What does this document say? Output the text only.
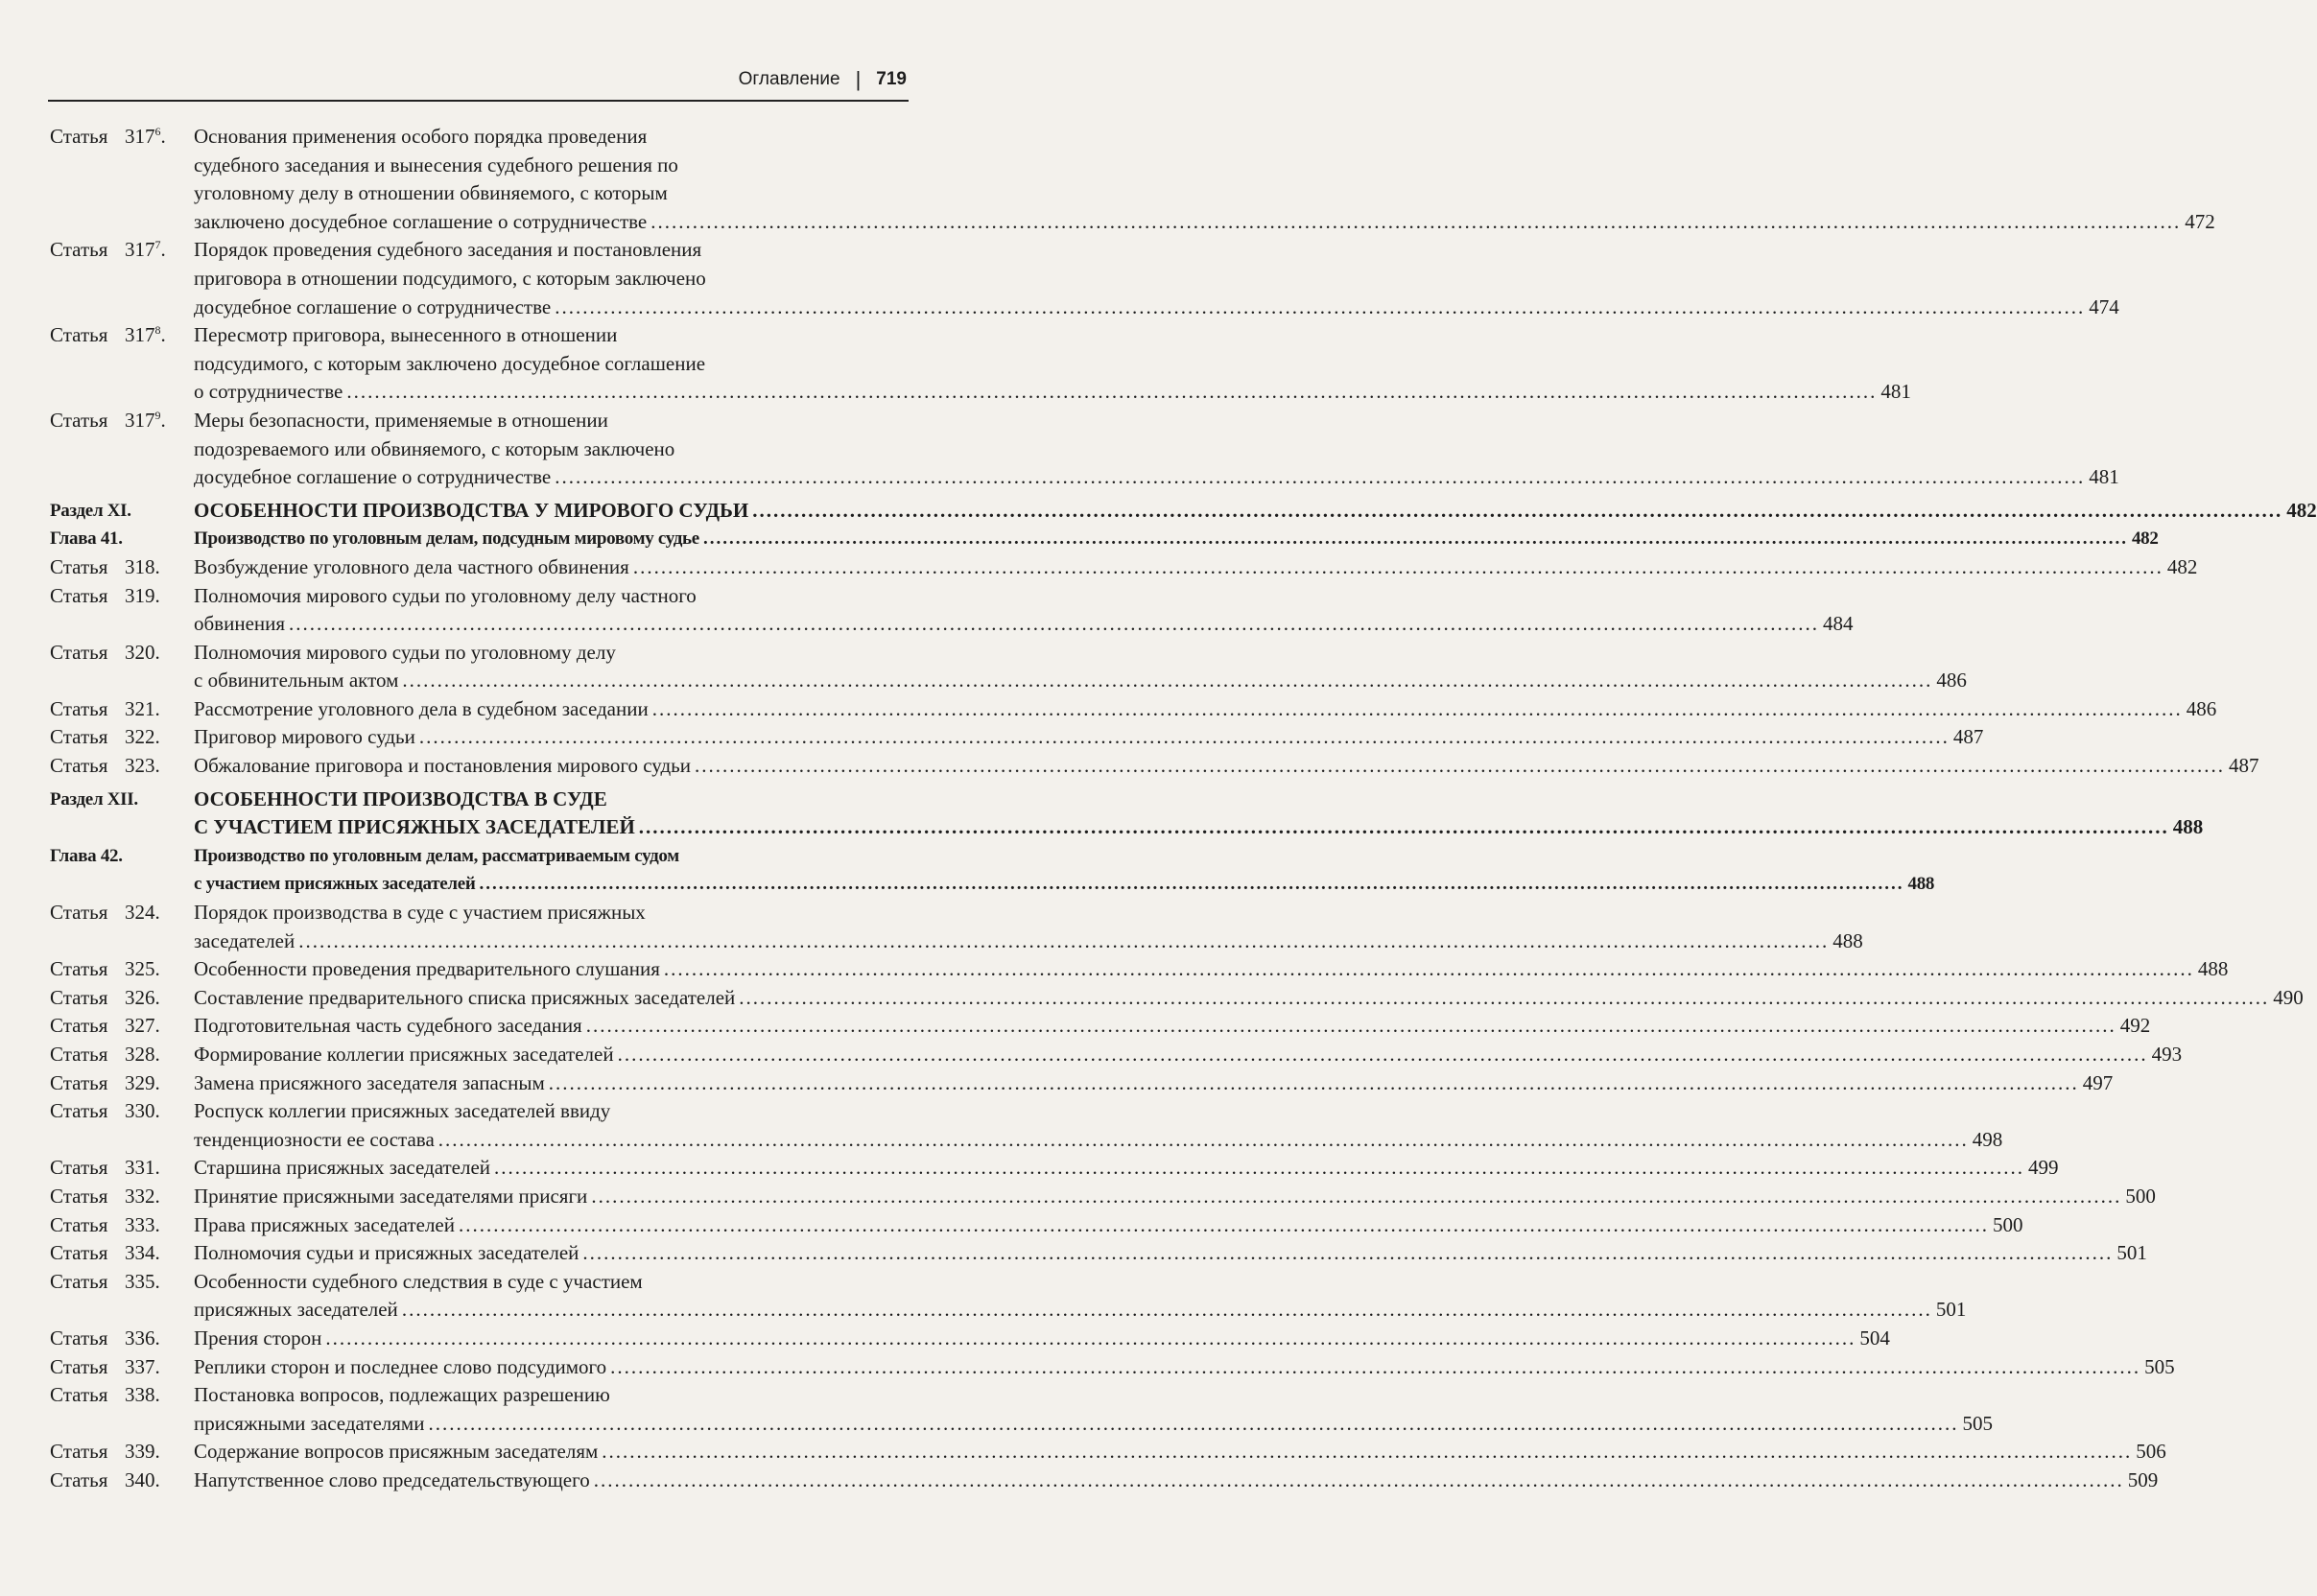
Оглавление | 719
Статья $317^6$.	Основания применения особого порядка проведения
судебного заседания и вынесения судебного решения по
уголовному делу в отношении обвиняемого, с которым
заключено досудебное соглашение о сотрудничестве ............................................................................................................................................................................................................................ 472
Статья $317^7$.	Порядок проведения судебного заседания и постановления
приговора в отношении подсудимого, с которым заключено
досудебное соглашение о сотрудничестве ............................................................................................................................................................................................................................ 474
Статья $317^8$.	Пересмотр приговора, вынесенного в отношении
подсудимого, с которым заключено досудебное соглашение
о сотрудничестве ............................................................................................................................................................................................................................ 481
Статья $317^9$.	Меры безопасности, применяемые в отношении
подозреваемого или обвиняемого, с которым заключено
досудебное соглашение о сотрудничестве ............................................................................................................................................................................................................................ 481
Раздел XI.	ОСОБЕННОСТИ ПРОИЗВОДСТВА У МИРОВОГО СУДЬИ ............................................................................................................................................................................................................................ 482
Глава 41.	Производство по уголовным делам, подсудным мировому судье ............................................................................................................................................................................................................................ 482
Статья 318.	Возбуждение уголовного дела частного обвинения ............................................................................................................................................................................................................................ 482
Статья 319.	Полномочия мирового судьи по уголовному делу частного
обвинения ............................................................................................................................................................................................................................ 484
Статья 320.	Полномочия мирового судьи по уголовному делу
с обвинительным актом ............................................................................................................................................................................................................................ 486
Статья 321.	Рассмотрение уголовного дела в судебном заседании ............................................................................................................................................................................................................................ 486
Статья 322.	Приговор мирового судьи ............................................................................................................................................................................................................................ 487
Статья 323.	Обжалование приговора и постановления мирового судьи ............................................................................................................................................................................................................................ 487
Раздел XII.	ОСОБЕННОСТИ ПРОИЗВОДСТВА В СУДЕ
С УЧАСТИЕМ ПРИСЯЖНЫХ ЗАСЕДАТЕЛЕЙ ............................................................................................................................................................................................................................ 488
Глава 42.	Производство по уголовным делам, рассматриваемым судом
с участием присяжных заседателей ............................................................................................................................................................................................................................ 488
Статья 324.	Порядок производства в суде с участием присяжных
заседателей ............................................................................................................................................................................................................................ 488
Статья 325.	Особенности проведения предварительного слушания ............................................................................................................................................................................................................................ 488
Статья 326.	Составление предварительного списка присяжных заседателей ............................................................................................................................................................................................................................ 490
Статья 327.	Подготовительная часть судебного заседания ............................................................................................................................................................................................................................ 492
Статья 328.	Формирование коллегии присяжных заседателей ............................................................................................................................................................................................................................ 493
Статья 329.	Замена присяжного заседателя запасным ............................................................................................................................................................................................................................ 497
Статья 330.	Роспуск коллегии присяжных заседателей ввиду
тенденциозности ее состава ............................................................................................................................................................................................................................ 498
Статья 331.	Старшина присяжных заседателей ............................................................................................................................................................................................................................ 499
Статья 332.	Принятие присяжными заседателями присяги ............................................................................................................................................................................................................................ 500
Статья 333.	Права присяжных заседателей ............................................................................................................................................................................................................................ 500
Статья 334.	Полномочия судьи и присяжных заседателей ............................................................................................................................................................................................................................ 501
Статья 335.	Особенности судебного следствия в суде с участием
присяжных заседателей ............................................................................................................................................................................................................................ 501
Статья 336.	Прения сторон ............................................................................................................................................................................................................................ 504
Статья 337.	Реплики сторон и последнее слово подсудимого ............................................................................................................................................................................................................................ 505
Статья 338.	Постановка вопросов, подлежащих разрешению
присяжными заседателями ............................................................................................................................................................................................................................ 505
Статья 339.	Содержание вопросов присяжным заседателям ............................................................................................................................................................................................................................ 506
Статья 340.	Напутственное слово председательствующего ............................................................................................................................................................................................................................ 509
